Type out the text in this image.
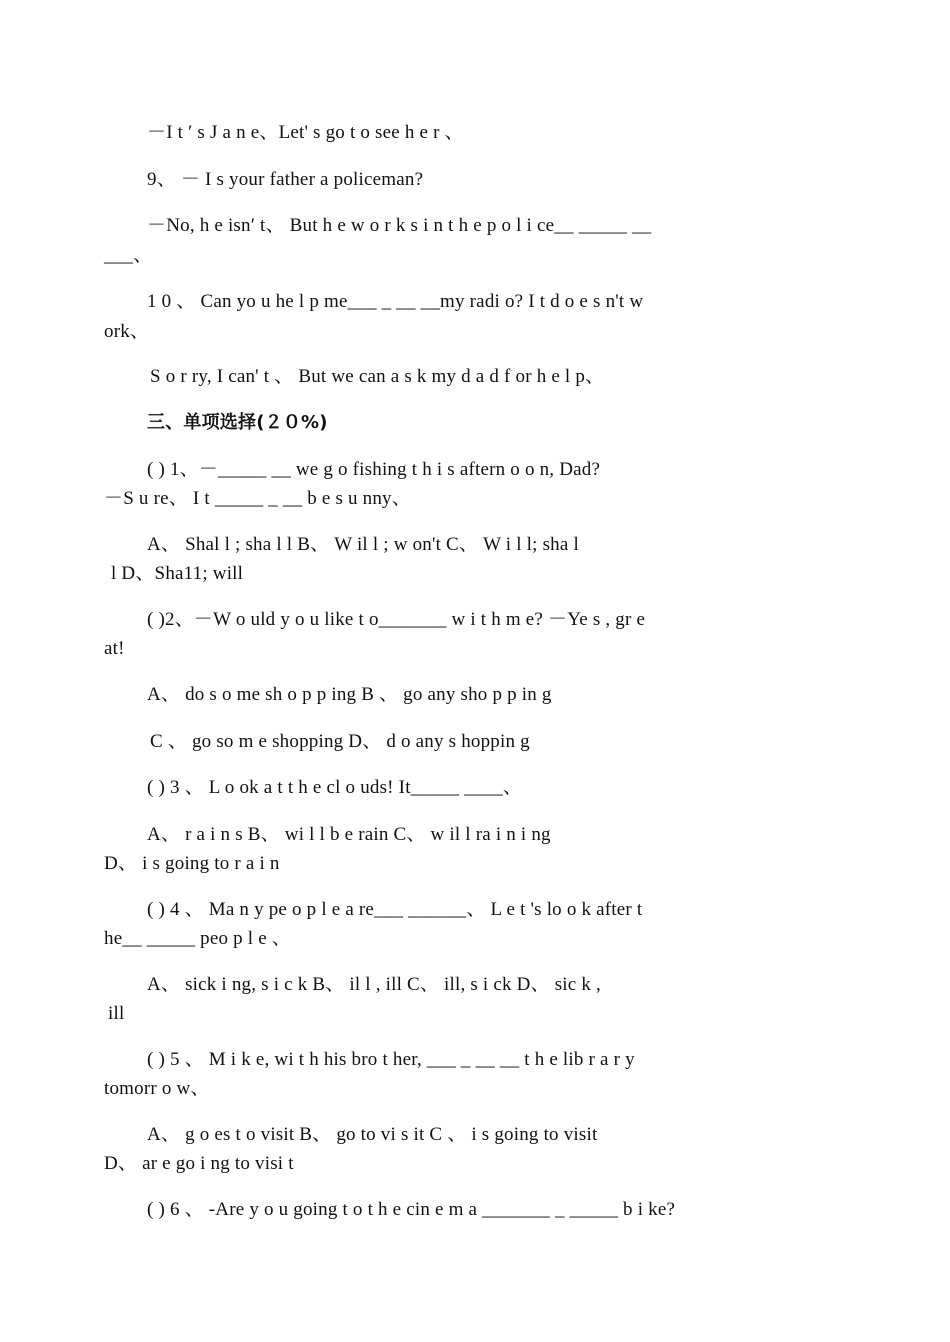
－I t ′ s J a n e、Let' s go t o see h e r 、
9、 － I s your father a policeman?
－No, h e isn′ t、 But h e w o r k s i n t h e p o l i ce__ _____ __
___、
1 0 、 Can yo u he l p me___ _ __ __my radi o? I t d o e s n't w
ork、
S o r ry, I can' t 、 But we can a s k my d a d f or h e l p、
三、单项选择(２０%)
( ) 1、－_____ __ we g o fishing t h i s aftern o o n, Dad?
－S u re、 I t _____ _ __ b e s u nny、
A、 Shal l ; sha l l B、 W il l ; w on't C、 W i l l; sha l
l D、Sha11; will
( )2、－W o uld y o u like t o_______ w i t h m e? －Ye s , gr e
at!
A、 do s o me sh o p p ing B 、 go any sho p p in g
C 、 go so m e shopping D、 d o any s hoppin g
( ) 3 、 L o ok a t t h e cl o uds! It_____ ____、
A、 r a i n s B、 wi l l b e rain C、 w il l ra i n i ng
D、 i s going to r a i n
( ) 4 、 Ma n y pe o p l e a re___ ______、 L e t 's lo o k after t
he__ _____ peo p l e 、
A、 sick i ng, s i c k B、 il l , ill C、 ill, s i ck D、 sic k ,
ill
( ) 5 、 M i k e, wi t h his bro t her, ___ _ __ __ t h e lib r a r y
tomorr o w、
A、 g o es t o visit B、 go to vi s it C 、 i s going to visit
D、 ar e go i ng to visi t
( ) 6 、 -Are y o u going t o t h e cin e m a _______ _ _____ b i ke?
